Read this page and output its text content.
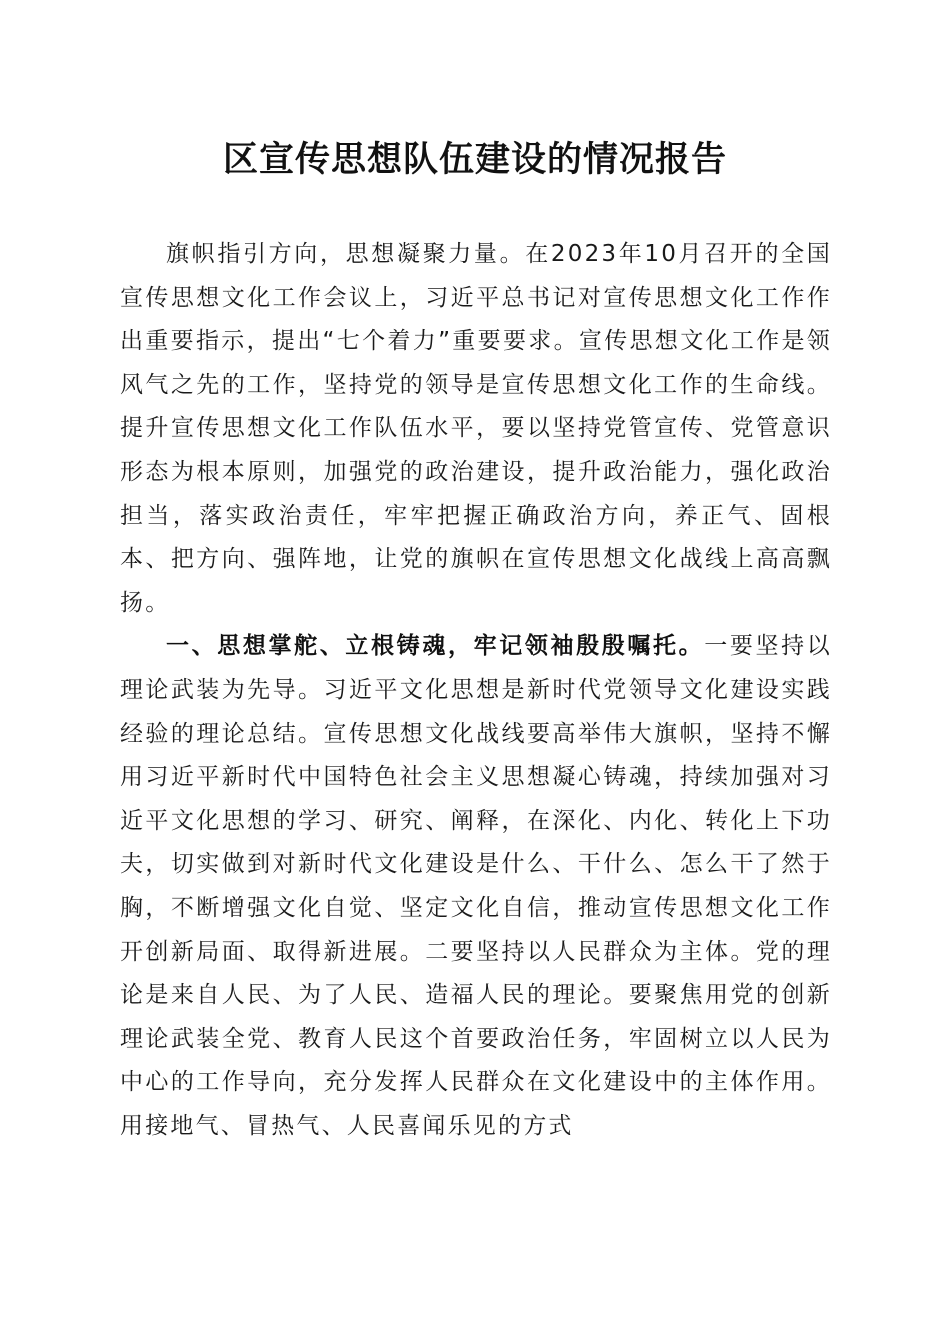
区宣传思想队伍建设的情况报告

旗帜指引方向，思想凝聚力量。在2023年10月召开的全国宣传思想文化工作会议上，习近平总书记对宣传思想文化工作作出重要指示，提出“七个着力”重要要求。宣传思想文化工作是领风气之先的工作，坚持党的领导是宣传思想文化工作的生命线。提升宣传思想文化工作队伍水平，要以坚持党管宣传、党管意识形态为根本原则，加强党的政治建设，提升政治能力，强化政治担当，落实政治责任，牢牢把握正确政治方向，养正气、固根本、把方向、强阵地，让党的旗帜在宣传思想文化战线上高高飘扬。

一、思想掌舵、立根铸魂，牢记领袖殷殷嘱托。一要坚持以理论武装为先导。习近平文化思想是新时代党领导文化建设实践经验的理论总结。宣传思想文化战线要高举伟大旗帜，坚持不懈用习近平新时代中国特色社会主义思想凝心铸魂，持续加强对习近平文化思想的学习、研究、阐释，在深化、内化、转化上下功夫，切实做到对新时代文化建设是什么、干什么、怎么干了然于胸，不断增强文化自觉、坚定文化自信，推动宣传思想文化工作开创新局面、取得新进展。二要坚持以人民群众为主体。党的理论是来自人民、为了人民、造福人民的理论。要聚焦用党的创新理论武装全党、教育人民这个首要政治任务，牢固树立以人民为中心的工作导向，充分发挥人民群众在文化建设中的主体作用。用接地气、冒热气、人民喜闻乐见的方式
